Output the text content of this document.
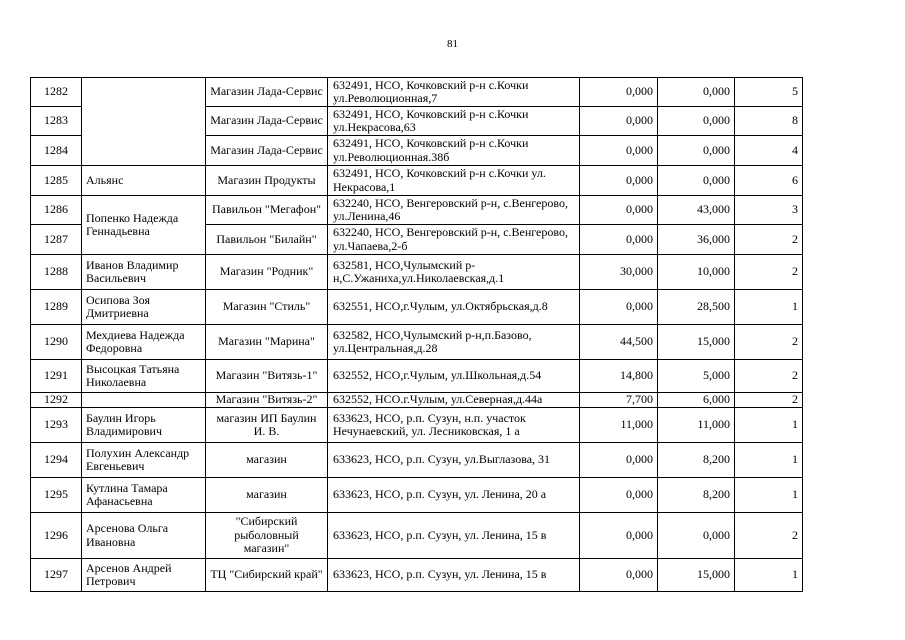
81
1282		Магазин Лада-Сервис	632491, НСО, Кочковский р-н с.Кочки ул.Революционная,7	0,000	0,000	5
1283		Магазин Лада-Сервис	632491, НСО, Кочковский р-н с.Кочки ул.Некрасова,63	0,000	0,000	8
1284		Магазин Лада-Сервис	632491, НСО, Кочковский р-н с.Кочки ул.Революционная.38б	0,000	0,000	4
1285	Альянс	Магазин Продукты	632491, НСО, Кочковский р-н с.Кочки ул. Некрасова,1	0,000	0,000	6
1286	Попенко Надежда Геннадьевна	Павильон "Мегафон"	632240, НСО, Венгеровский р-н, с.Венгерово, ул.Ленина,46	0,000	43,000	3
1287		Павильон "Билайн"	632240, НСО, Венгеровский р-н, с.Венгерово, ул.Чапаева,2-б	0,000	36,000	2
1288	Иванов Владимир Васильевич	Магазин "Родник"	632581, НСО,Чулымский р-н,С.Ужаниха,ул.Николаевская,д.1	30,000	10,000	2
1289	Осипова Зоя Дмитриевна	Магазин "Стиль"	632551, НСО,г.Чулым, ул.Октябрьская,д.8	0,000	28,500	1
1290	Мехдиева Надежда Федоровна	Магазин "Марина"	632582, НСО,Чулымский р-н,п.Базово, ул.Центральная,д.28	44,500	15,000	2
1291	Высоцкая Татьяна Николаевна	Магазин "Витязь-1"	632552, НСО,г.Чулым, ул.Школьная,д.54	14,800	5,000	2
1292		Магазин "Витязь-2"	632552, НСО.г.Чулым, ул.Северная,д.44а	7,700	6,000	2
1293	Баулин Игорь Владимирович	магазин ИП Баулин И. В.	633623, НСО, р.п. Сузун, н.п. участок Нечунаевский, ул. Лесниковская, 1 а	11,000	11,000	1
1294	Полухин Александр Евгеньевич	магазин	633623, НСО, р.п. Сузун, ул.Выглазова, 31	0,000	8,200	1
1295	Кутлина Тамара Афанасьевна	магазин	633623, НСО, р.п. Сузун, ул. Ленина, 20 а	0,000	8,200	1
1296	Арсенова Ольга Ивановна	"Сибирский рыболовный магазин"	633623, НСО, р.п. Сузун, ул. Ленина, 15 в	0,000	0,000	2
1297	Арсенов Андрей Петрович	ТЦ "Сибирский край"	633623, НСО, р.п. Сузун, ул. Ленина, 15 в	0,000	15,000	1
